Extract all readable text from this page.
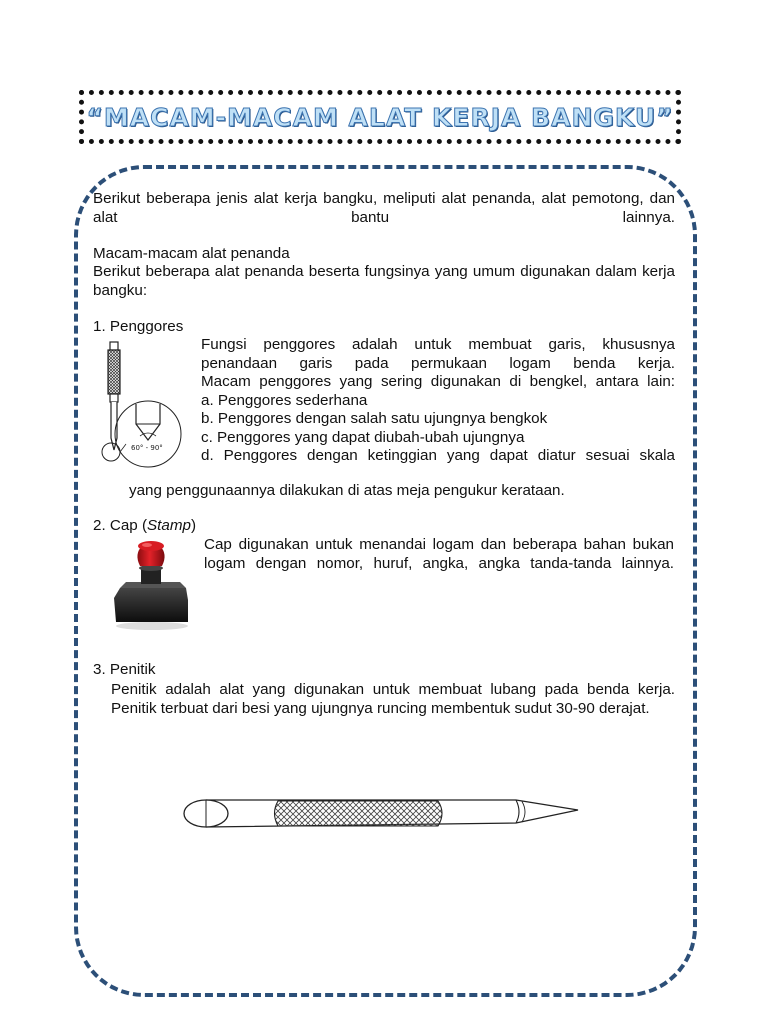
“MACAM-MACAM ALAT KERJA BANGKU”
Berikut beberapa jenis alat kerja bangku, meliputi alat penanda, alat pemotong, dan alat bantu lainnya.
Macam-macam alat penanda
Berikut beberapa alat penanda beserta fungsinya yang umum digunakan dalam kerja bangku:
1. Penggores

Fungsi penggores adalah untuk membuat garis, khususnya penandaan garis pada permukaan logam benda kerja.

Macam penggores yang sering digunakan di bengkel, antara lain:

a. Penggores sederhana
b. Penggores dengan salah satu ujungnya bengkok
c. Penggores yang dapat diubah-ubah ujungnya
d. Penggores dengan ketinggian yang dapat diatur sesuai skala
yang penggunaannya dilakukan di atas meja pengukur kerataan.
60° - 90°
2. Cap (Stamp)
Cap digunakan untuk menandai logam dan beberapa bahan bukan logam dengan nomor, huruf, angka, angka tanda-tanda lainnya.
3. Penitik
Penitik adalah alat yang digunakan untuk membuat lubang pada benda kerja. Penitik terbuat dari besi yang ujungnya runcing membentuk sudut 30-90 derajat.
